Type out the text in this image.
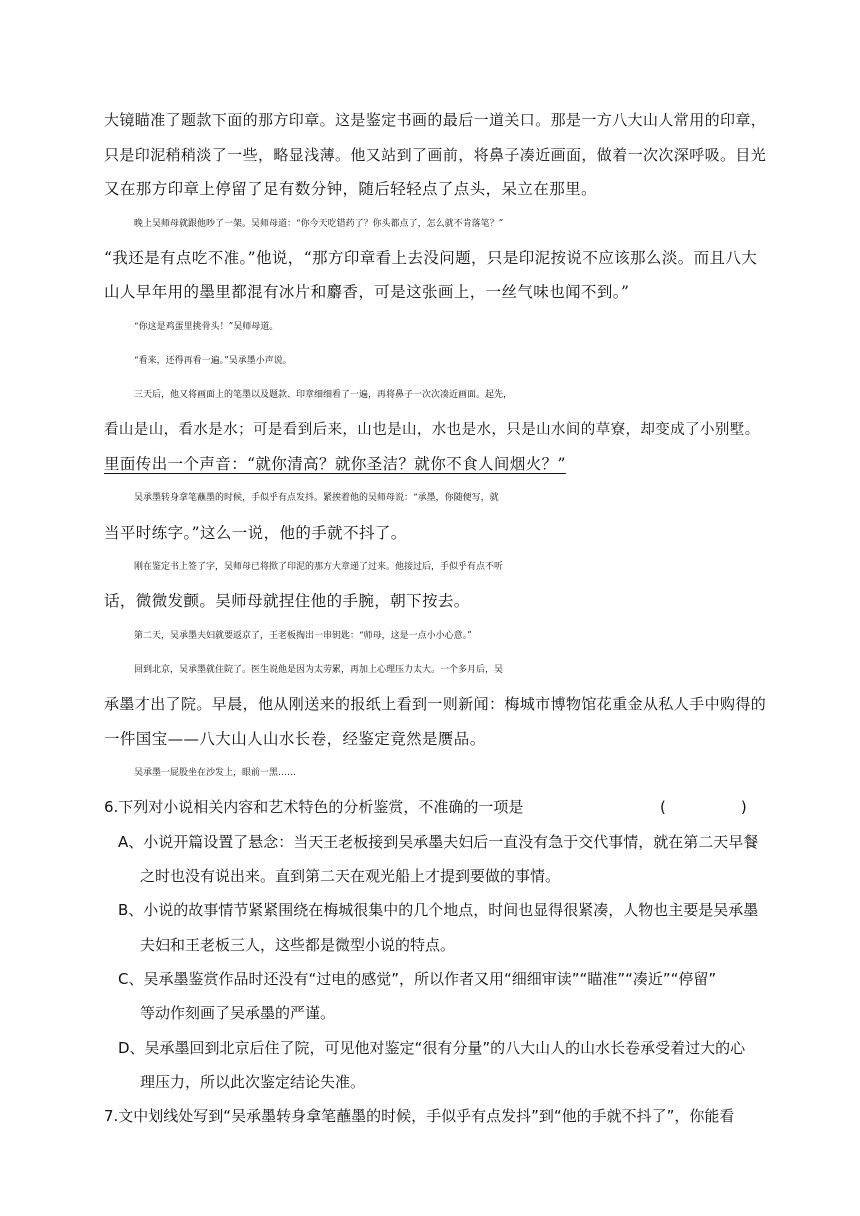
大镜瞄准了题款下面的那方印章。这是鉴定书画的最后一道关口。那是一方八大山人常用的印章，
只是印泥稍稍淡了一些，略显浅薄。他又站到了画前，将鼻子凑近画面，做着一次次深呼吸。目光
又在那方印章上停留了足有数分钟，随后轻轻点了点头，呆立在那里。
晚上吴师母就跟他吵了一架。吴师母道：“你今天吃错药了？你头都点了，怎么就不肯落笔？”
“我还是有点吃不准。”他说，“那方印章看上去没问题，只是印泥按说不应该那么淡。而且八大
山人早年用的墨里都混有冰片和麝香，可是这张画上，一丝气味也闻不到。”
“你这是鸡蛋里挑骨头！”吴师母道。
“看来，还得再看一遍。”吴承墨小声说。
三天后，他又将画面上的笔墨以及题款、印章细细看了一遍，再将鼻子一次次凑近画面。起先，
看山是山，看水是水；可是看到后来，山也是山，水也是水，只是山水间的草寮，却变成了小别墅。
里面传出一个声音：“就你清高？就你圣洁？就你不食人间烟火？”
吴承墨转身拿笔蘸墨的时候，手似乎有点发抖。紧挨着他的吴师母说：“承墨，你随便写，就
当平时练字。”这么一说，他的手就不抖了。
刚在鉴定书上签了字，吴师母已将揿了印泥的那方大章递了过来。他接过后，手似乎有点不听
话，微微发颤。吴师母就捏住他的手腕，朝下按去。
第二天，吴承墨夫妇就要返京了，王老板掏出一串钥匙：“师母，这是一点小小心意。”
回到北京，吴承墨就住院了。医生说他是因为太劳累，再加上心理压力太大。一个多月后，吴
承墨才出了院。早晨，他从刚送来的报纸上看到一则新闻：梅城市博物馆花重金从私人手中购得的
一件国宝——八大山人山水长卷，经鉴定竟然是赝品。
吴承墨一屁股坐在沙发上，眼前一黑……
6.下列对小说相关内容和艺术特色的分析鉴赏，不准确的一项是	(　　　　　)
A、小说开篇设置了悬念：当天王老板接到吴承墨夫妇后一直没有急于交代事情，就在第二天早餐
之时也没有说出来。直到第二天在观光船上才提到要做的事情。
B、小说的故事情节紧紧围绕在梅城很集中的几个地点，时间也显得很紧凑，人物也主要是吴承墨
夫妇和王老板三人，这些都是微型小说的特点。
C、吴承墨鉴赏作品时还没有“过电的感觉”，所以作者又用“细细审读”“瞄准”“凑近”“停留”
等动作刻画了吴承墨的严谨。
D、吴承墨回到北京后住了院，可见他对鉴定“很有分量”的八大山人的山水长卷承受着过大的心
理压力，所以此次鉴定结论失准。
7.文中划线处写到“吴承墨转身拿笔蘸墨的时候，手似乎有点发抖”到“他的手就不抖了”，你能看
